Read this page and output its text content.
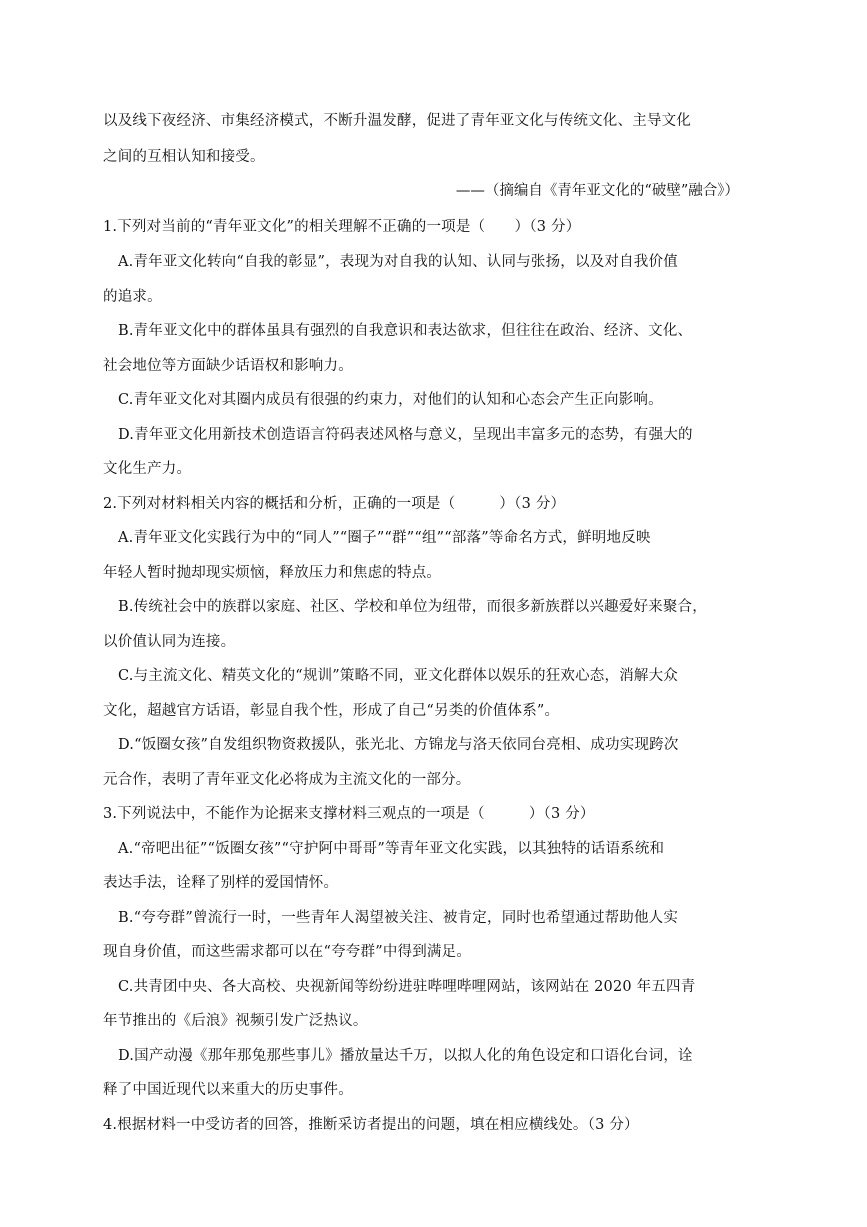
以及线下夜经济、市集经济模式，不断升温发酵，促进了青年亚文化与传统文化、主导文化
之间的互相认知和接受。
——（摘编自《青年亚文化的“破壁”融合》）
1.下列对当前的“青年亚文化”的相关理解不正确的一项是（　　）（3 分）
A.青年亚文化转向“自我的彰显”，表现为对自我的认知、认同与张扬，以及对自我价值
的追求。
B.青年亚文化中的群体虽具有强烈的自我意识和表达欲求，但往往在政治、经济、文化、
社会地位等方面缺少话语权和影响力。
C.青年亚文化对其圈内成员有很强的约束力，对他们的认知和心态会产生正向影响。
D.青年亚文化用新技术创造语言符码表述风格与意义，呈现出丰富多元的态势，有强大的
文化生产力。
2.下列对材料相关内容的概括和分析，正确的一项是（　　　）（3 分）
A.青年亚文化实践行为中的“同人”“圈子”“群”“组”“部落”等命名方式，鲜明地反映
年轻人暂时抛却现实烦恼，释放压力和焦虑的特点。
B.传统社会中的族群以家庭、社区、学校和单位为纽带，而很多新族群以兴趣爱好来聚合，
以价值认同为连接。
C.与主流文化、精英文化的“规训”策略不同，亚文化群体以娱乐的狂欢心态，消解大众
文化，超越官方话语，彰显自我个性，形成了自己“另类的价值体系”。
D.“饭圈女孩”自发组织物资救援队，张光北、方锦龙与洛天依同台亮相、成功实现跨次
元合作，表明了青年亚文化必将成为主流文化的一部分。
3.下列说法中，不能作为论据来支撑材料三观点的一项是（　　　）（3 分）
A.“帝吧出征”“饭圈女孩”“守护阿中哥哥”等青年亚文化实践，以其独特的话语系统和
表达手法，诠释了别样的爱国情怀。
B.“夸夸群”曾流行一时，一些青年人渴望被关注、被肯定，同时也希望通过帮助他人实
现自身价值，而这些需求都可以在“夸夸群”中得到满足。
C.共青团中央、各大高校、央视新闻等纷纷进驻哔哩哔哩网站，该网站在 2020 年五四青
年节推出的《后浪》视频引发广泛热议。
D.国产动漫《那年那兔那些事儿》播放量达千万，以拟人化的角色设定和口语化台词，诠
释了中国近现代以来重大的历史事件。
4.根据材料一中受访者的回答，推断采访者提出的问题，填在相应横线处。（3 分）
